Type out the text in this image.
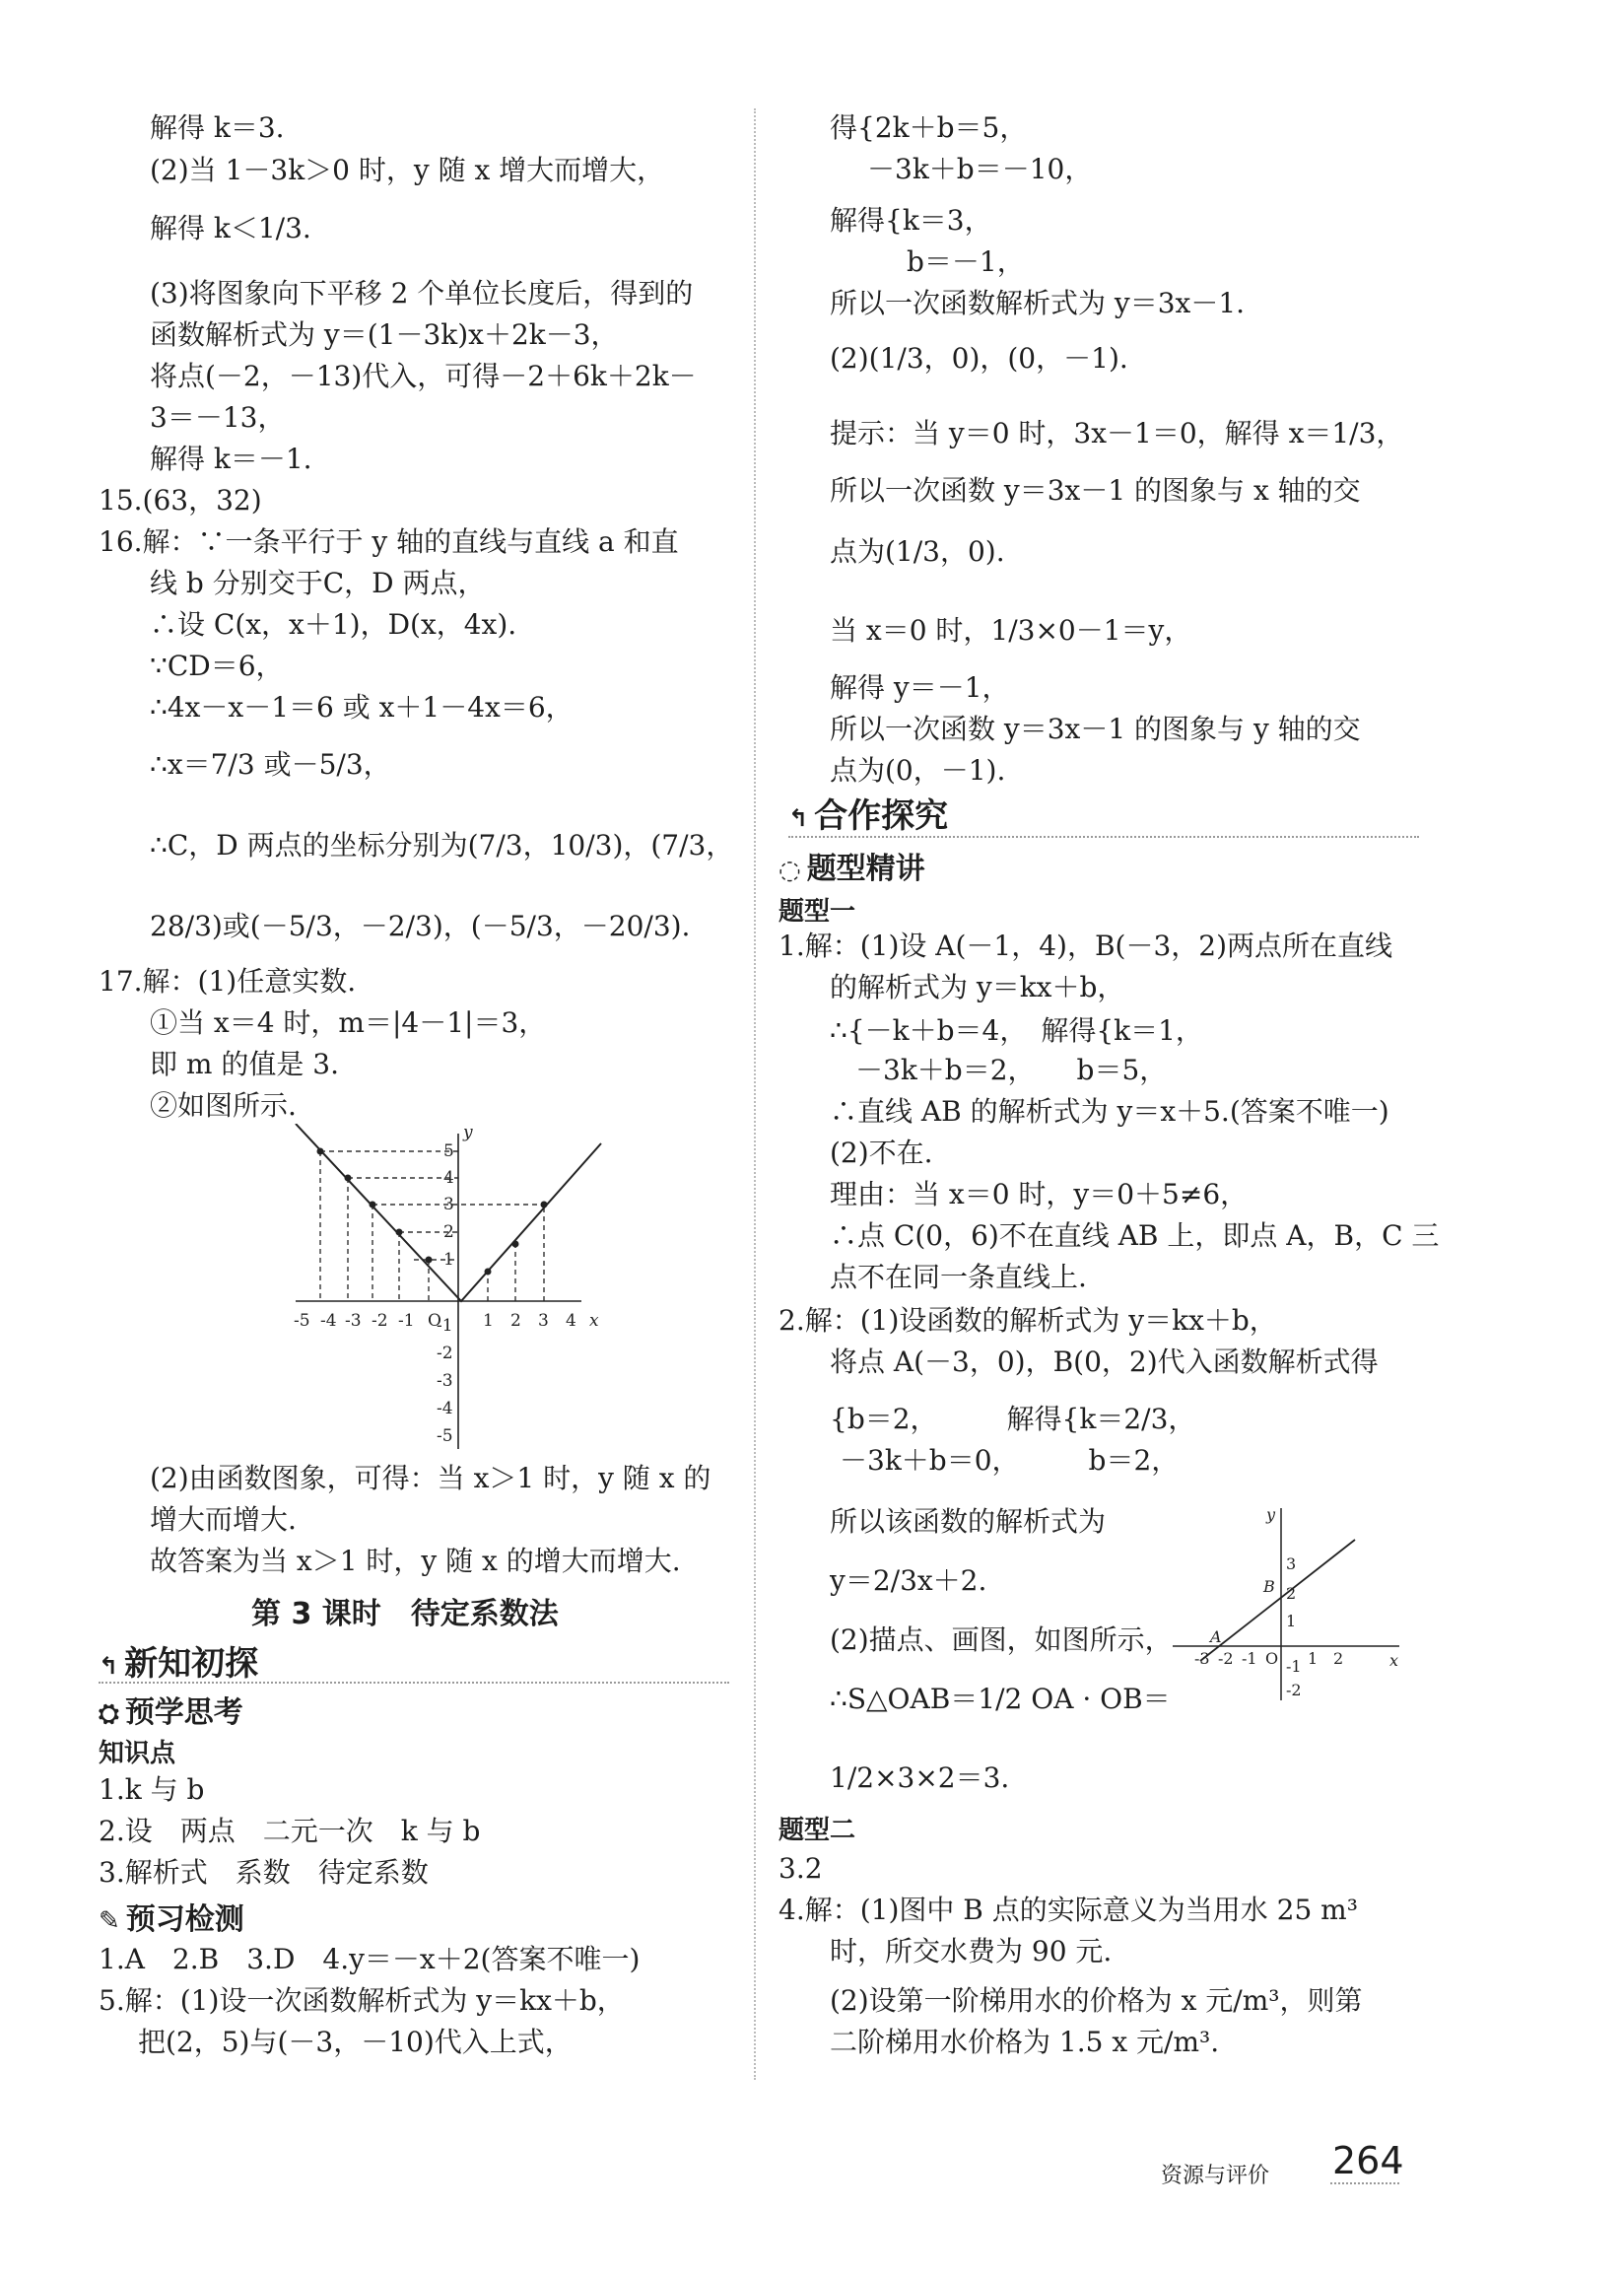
解得 k＝3.
(2)当 1－3k＞0 时，y 随 x 增大而增大，
解得 k＜1/3.
(3)将图象向下平移 2 个单位长度后，得到的
函数解析式为 y＝(1－3k)x＋2k－3，
将点(－2，－13)代入，可得－2＋6k＋2k－
3＝－13，
解得 k＝－1.
15.(63，32)
16.解：∵一条平行于 y 轴的直线与直线 a 和直
线 b 分别交于C，D 两点，
∴设 C(x，x＋1)，D(x，4x).
∵CD＝6，
∴4x－x－1＝6 或 x＋1－4x＝6，
∴x＝7/3 或－5/3，
∴C，D 两点的坐标分别为(7/3，10/3)，(7/3，
28/3)或(－5/3，－2/3)，(－5/3，－20/3).
17.解：(1)任意实数.
①当 x＝4 时，m＝|4－1|＝3，
即 m 的值是 3.
②如图所示.
-5 -4 -3 -2 -1 O 1 2 3 4 x
5
4
3
2
1
-1
-2
-3
-4
-5
y
(2)由函数图象，可得：当 x＞1 时，y 随 x 的
增大而增大.
故答案为当 x＞1 时，y 随 x 的增大而增大.
第 3 课时　待定系数法
↰ 新知初探
⛭ 预学思考
知识点
1.k 与 b
2.设　两点　二元一次　k 与 b
3.解析式　系数　待定系数
✎ 预习检测
1.A　2.B　3.D　4.y＝－x＋2(答案不唯一)
5.解：(1)设一次函数解析式为 y＝kx＋b，
把(2，5)与(－3，－10)代入上式，
得{2k＋b＝5，
－3k＋b＝－10，
解得{k＝3，
b＝－1，
所以一次函数解析式为 y＝3x－1.
(2)(1/3，0)，(0，－1).
提示：当 y＝0 时，3x－1＝0，解得 x＝1/3，
所以一次函数 y＝3x－1 的图象与 x 轴的交
点为(1/3，0).
当 x＝0 时，1/3×0－1＝y，
解得 y＝－1，
所以一次函数 y＝3x－1 的图象与 y 轴的交
点为(0，－1).
↰ 合作探究
◌ 题型精讲
题型一
1.解：(1)设 A(－1，4)，B(－3，2)两点所在直线
的解析式为 y＝kx＋b，
∴{－k＋b＝4，　解得{k＝1，
－3k＋b＝2，　　b＝5，
∴直线 AB 的解析式为 y＝x＋5.(答案不唯一)
(2)不在.
理由：当 x＝0 时，y＝0＋5≠6，
∴点 C(0，6)不在直线 AB 上，即点 A，B，C 三
点不在同一条直线上.
2.解：(1)设函数的解析式为 y＝kx＋b，
将点 A(－3，0)，B(0，2)代入函数解析式得
{b＝2，　　　解得{k＝2/3，
－3k＋b＝0，　　　b＝2，
所以该函数的解析式为
y＝2/3x＋2.
(2)描点、画图，如图所示，
∴S△OAB＝1/2 OA · OB＝
1/2×3×2＝3.
-3 -2 -1 O 1 2	x
3
2
1
-1
-2
y
A
B
题型二
3.2
4.解：(1)图中 B 点的实际意义为当用水 25 m³
时，所交水费为 90 元.
(2)设第一阶梯用水的价格为 x 元/m³，则第
二阶梯用水价格为 1.5 x 元/m³.
资源与评价 264
